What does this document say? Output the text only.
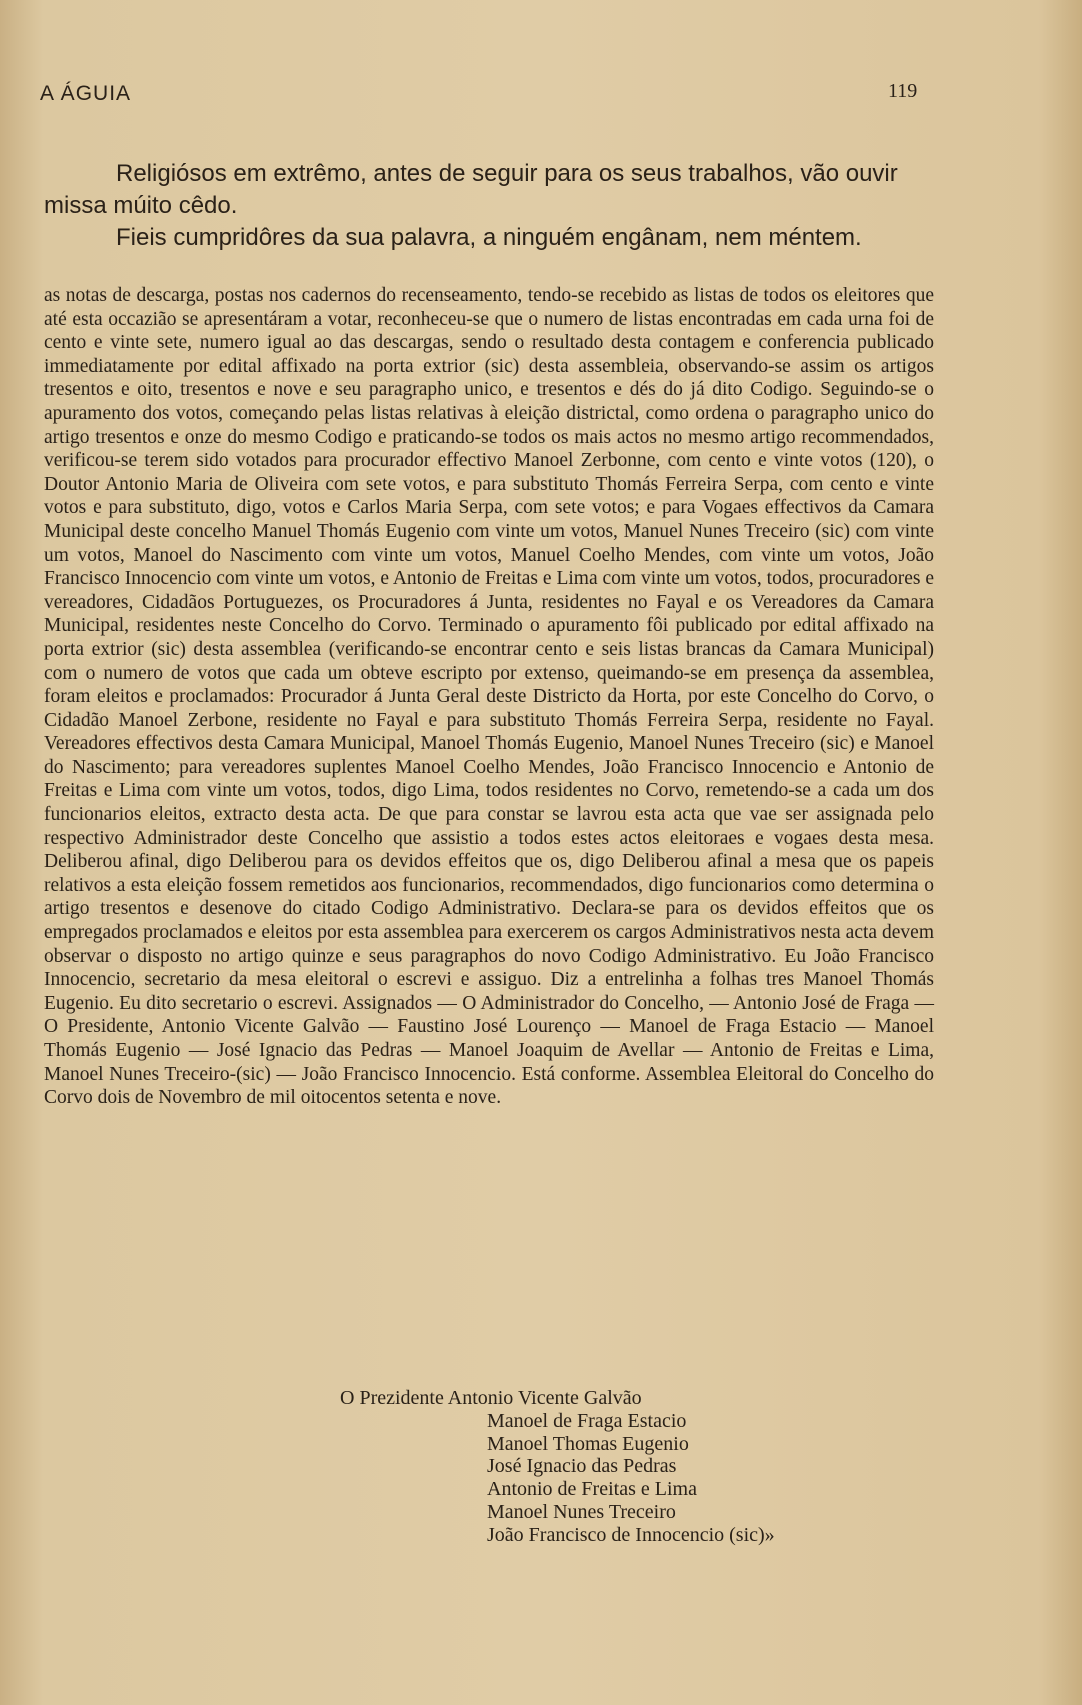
A ÁGUIA	119

Religiósos em extrêmo, antes de seguir para os seus trabalhos, vão ouvir missa múito cêdo.

Fieis cumpridôres da sua palavra, a ninguém engânam, nem méntem.

as notas de descarga, postas nos cadernos do recenseamento, tendo-se recebido as listas de todos os eleitores que até esta occazião se apresentáram a votar, reconheceu-se que o numero de listas encontradas em cada urna foi de cento e vinte sete, numero igual ao das descargas, sendo o resultado desta contagem e conferencia publicado immediatamente por edital affixado na porta extrior (sic) desta assembleia, observando-se assim os artigos tresentos e oito, tresentos e nove e seu paragrapho unico, e tresentos e dés do já dito Codigo. Seguindo-se o apuramento dos votos, começando pelas listas relativas à eleição districtal, como ordena o paragrapho unico do artigo tresentos e onze do mesmo Codigo e praticando-se todos os mais actos no mesmo artigo recommendados, verificou-se terem sido votados para procurador effectivo Manoel Zerbonne, com cento e vinte votos (120), o Doutor Antonio Maria de Oliveira com sete votos, e para substituto Thomás Ferreira Serpa, com cento e vinte votos e para substituto, digo, votos e Carlos Maria Serpa, com sete votos; e para Vogaes effectivos da Camara Municipal deste concelho Manuel Thomás Eugenio com vinte um votos, Manuel Nunes Treceiro (sic) com vinte um votos, Manoel do Nascimento com vinte um votos, Manuel Coelho Mendes, com vinte um votos, João Francisco Innocencio com vinte um votos, e Antonio de Freitas e Lima com vinte um votos, todos, procuradores e vereadores, Cidadãos Portuguezes, os Procuradores á Junta, residentes no Fayal e os Vereadores da Camara Municipal, residentes neste Concelho do Corvo. Terminado o apuramento fôi publicado por edital affixado na porta extrior (sic) desta assemblea (verificando-se encontrar cento e seis listas brancas da Camara Municipal) com o numero de votos que cada um obteve escripto por extenso, queimando-se em presença da assemblea, foram eleitos e proclamados: Procurador á Junta Geral deste Districto da Horta, por este Concelho do Corvo, o Cidadão Manoel Zerbone, residente no Fayal e para substituto Thomás Ferreira Serpa, residente no Fayal. Vereadores effectivos desta Camara Municipal, Manoel Thomás Eugenio, Manoel Nunes Treceiro (sic) e Manoel do Nascimento; para vereadores suplentes Manoel Coelho Mendes, João Francisco Innocencio e Antonio de Freitas e Lima com vinte um votos, todos, digo Lima, todos residentes no Corvo, remetendo-se a cada um dos funcionarios eleitos, extracto desta acta. De que para constar se lavrou esta acta que vae ser assignada pelo respectivo Administrador deste Concelho que assistio a todos estes actos eleitoraes e vogaes desta mesa. Deliberou afinal, digo Deliberou para os devidos effeitos que os, digo Deliberou afinal a mesa que os papeis relativos a esta eleição fossem remetidos aos funcionarios, recommendados, digo funcionarios como determina o artigo tresentos e desenove do citado Codigo Administrativo. Declara-se para os devidos effeitos que os empregados proclamados e eleitos por esta assemblea para exercerem os cargos Administrativos nesta acta devem observar o disposto no artigo quinze e seus paragraphos do novo Codigo Administrativo. Eu João Francisco Innocencio, secretario da mesa eleitoral o escrevi e assiguo. Diz a entrelinha a folhas tres Manoel Thomás Eugenio. Eu dito secretario o escrevi. Assignados — O Administrador do Concelho, — Antonio José de Fraga — O Presidente, Antonio Vicente Galvão — Faustino José Lourenço — Manoel de Fraga Estacio — Manoel Thomás Eugenio — José Ignacio das Pedras — Manoel Joaquim de Avellar — Antonio de Freitas e Lima, Manoel Nunes Treceiro-(sic) — João Francisco Innocencio. Está conforme. Assemblea Eleitoral do Concelho do Corvo dois de Novembro de mil oitocentos setenta e nove.

O Prezidente Antonio Vicente Galvão
Manoel de Fraga Estacio
Manoel Thomas Eugenio
José Ignacio das Pedras
Antonio de Freitas e Lima
Manoel Nunes Treceiro
João Francisco de Innocencio (sic)»
